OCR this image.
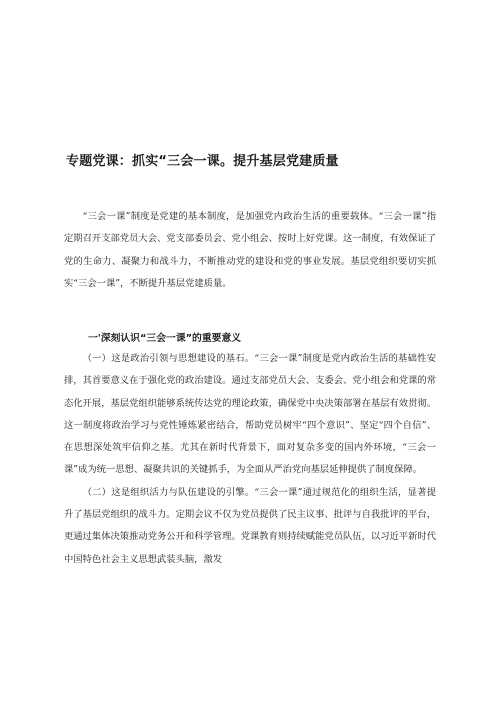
专题党课：抓实“三会一课。提升基层党建质量

“三会一课”制度是党建的基本制度，是加强党内政治生活的重要载体。“三会一课”指定期召开支部党员大会、党支部委员会、党小组会、按时上好党课。这一制度，有效保证了党的生命力、凝聚力和战斗力，不断推动党的建设和党的事业发展。基层党组织要切实抓实“三会一课”，不断提升基层党建质量。

一'深刻认识“三会一课”的重要意义

（一）这是政治引领与思想建设的基石。“三会一课”制度是党内政治生活的基础性安排，其首要意义在于强化党的政治建设。通过支部党员大会、支委会、党小组会和党课的常态化开展，基层党组织能够系统传达党的理论政策，确保党中央决策部署在基层有效贯彻。这一制度将政治学习与党性锤炼紧密结合，帮助党员树牢“四个意识”、坚定“四个自信”、在思想深处筑牢信仰之基。尤其在新时代背景下，面对复杂多变的国内外环境，“三会一课”成为统一思想、凝聚共识的关键抓手，为全面从严治党向基层延伸提供了制度保障。

（二）这是组织活力与队伍建设的引擎。“三会一课”通过规范化的组织生活，显著提升了基层党组织的战斗力。定期会议不仅为党员提供了民主议事、批评与自我批评的平台，更通过集体决策推动党务公开和科学管理。党课教育则持续赋能党员队伍，以习近平新时代中国特色社会主义思想武装头脑，激发
